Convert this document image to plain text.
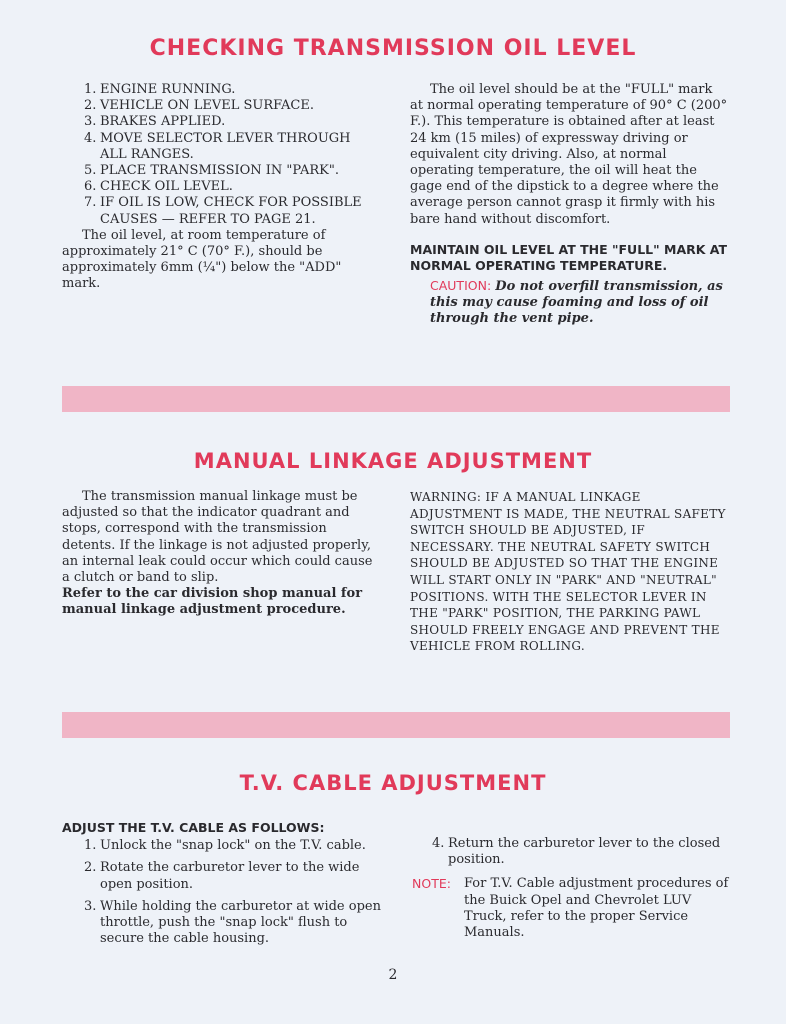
CHECKING TRANSMISSION OIL LEVEL
1. ENGINE RUNNING.
2. VEHICLE ON LEVEL SURFACE.
3. BRAKES APPLIED.
4. MOVE SELECTOR LEVER THROUGH ALL RANGES.
5. PLACE TRANSMISSION IN "PARK".
6. CHECK OIL LEVEL.
7. IF OIL IS LOW, CHECK FOR POSSIBLE CAUSES — REFER TO PAGE 21.

The oil level, at room temperature of approximately 21° C (70° F.), should be approximately 6mm (¼") below the "ADD" mark.

The oil level should be at the "FULL" mark at normal operating temperature of 90° C (200° F.). This temperature is obtained after at least 24 km (15 miles) of expressway driving or equivalent city driving. Also, at normal operating temperature, the oil will heat the gage end of the dipstick to a degree where the average person cannot grasp it firmly with his bare hand without discomfort.

MAINTAIN OIL LEVEL AT THE "FULL" MARK AT NORMAL OPERATING TEMPERATURE.

CAUTION: Do not overfill transmission, as this may cause foaming and loss of oil through the vent pipe.

MANUAL LINKAGE ADJUSTMENT

The transmission manual linkage must be adjusted so that the indicator quadrant and stops, correspond with the transmission detents. If the linkage is not adjusted properly, an internal leak could occur which could cause a clutch or band to slip.

Refer to the car division shop manual for manual linkage adjustment procedure.

WARNING: IF A MANUAL LINKAGE ADJUSTMENT IS MADE, THE NEUTRAL SAFETY SWITCH SHOULD BE ADJUSTED, IF NECESSARY. THE NEUTRAL SAFETY SWITCH SHOULD BE ADJUSTED SO THAT THE ENGINE WILL START ONLY IN "PARK" AND "NEUTRAL" POSITIONS. WITH THE SELECTOR LEVER IN THE "PARK" POSITION, THE PARKING PAWL SHOULD FREELY ENGAGE AND PREVENT THE VEHICLE FROM ROLLING.
T.V. CABLE ADJUSTMENT

ADJUST THE T.V. CABLE AS FOLLOWS:

1. Unlock the "snap lock" on the T.V. cable.
2. Rotate the carburetor lever to the wide open position.
3. While holding the carburetor at wide open throttle, push the "snap lock" flush to secure the cable housing.
4. Return the carburetor lever to the closed position.
NOTE: For T.V. Cable adjustment procedures of the Buick Opel and Chevrolet LUV Truck, refer to the proper Service Manuals.
2
